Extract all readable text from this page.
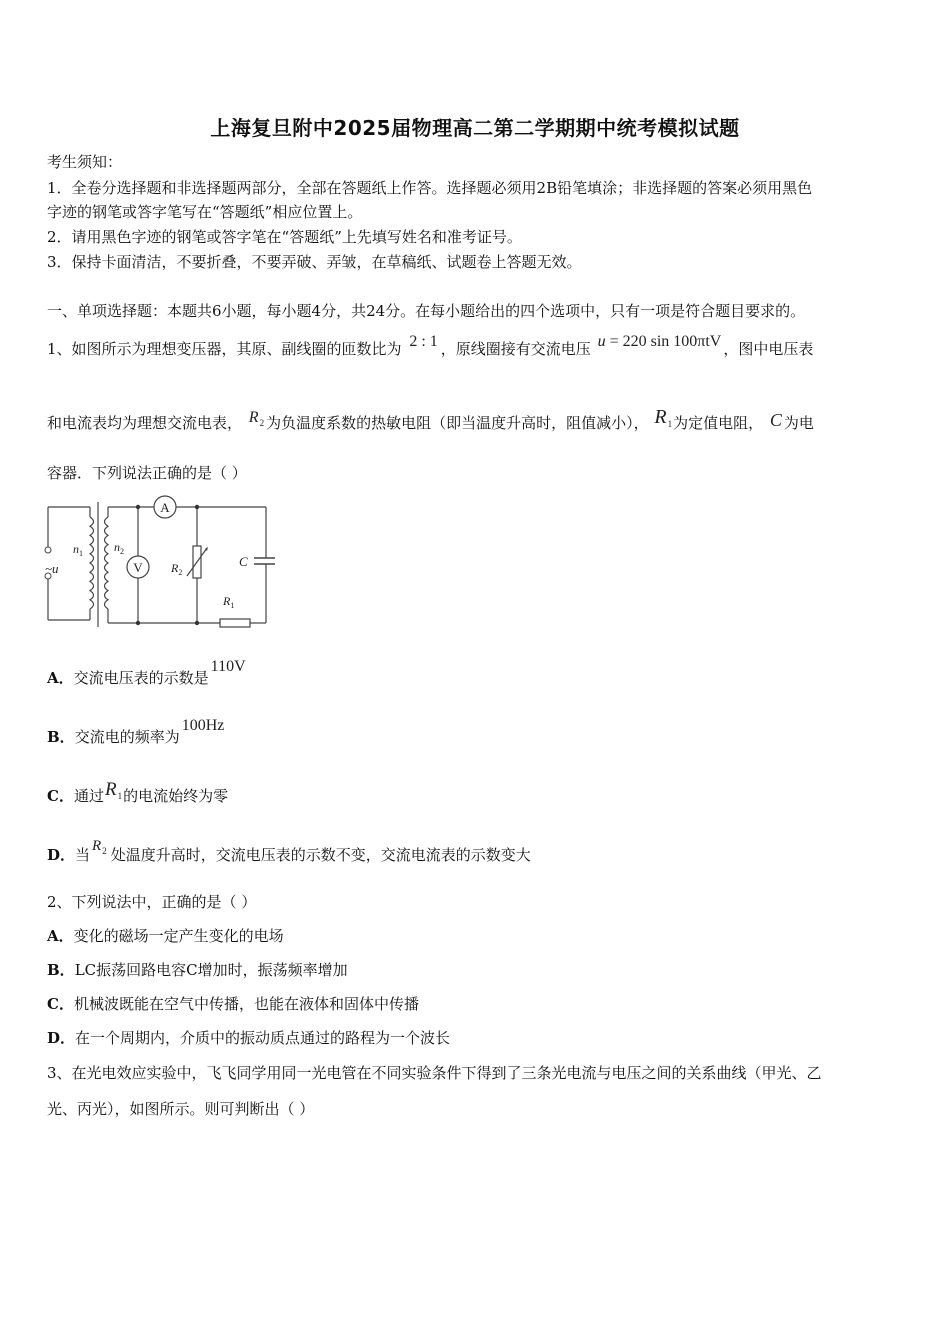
上海复旦附中2025届物理高二第二学期期中统考模拟试题
考生须知：
1．全卷分选择题和非选择题两部分，全部在答题纸上作答。选择题必须用2B铅笔填涂；非选择题的答案必须用黑色
字迹的钢笔或答字笔写在“答题纸”相应位置上。
2．请用黑色字迹的钢笔或答字笔在“答题纸”上先填写姓名和准考证号。
3．保持卡面清洁，不要折叠，不要弄破、弄皱，在草稿纸、试题卷上答题无效。
一、单项选择题：本题共6小题，每小题4分，共24分。在每小题给出的四个选项中，只有一项是符合题目要求的。
1、如图所示为理想变压器，其原、副线圈的匝数比为 2 : 1 ，原线圈接有交流电压 u = 220 sin 100πtV ，图中电压表
和电流表均为理想交流电表， $R_2$ 为负温度系数的热敏电阻（即当温度升高时，阻值减小）， $R_1$为定值电阻， C 为电
容器．下列说法正确的是（ ）
A
V
$n_1$	$n_2$
~u	$R_2$
C
$R_1$
A．交流电压表的示数是110V
B．交流电的频率为100Hz
C．通过$R_1$的电流始终为零
D．当 $R_2$ 处温度升高时，交流电压表的示数不变，交流电流表的示数变大
2、下列说法中，正确的是（ ）
A．变化的磁场一定产生变化的电场
B．LC振荡回路电容C增加时，振荡频率增加
C．机械波既能在空气中传播，也能在液体和固体中传播
D．在一个周期内，介质中的振动质点通过的路程为一个波长
3、在光电效应实验中，飞飞同学用同一光电管在不同实验条件下得到了三条光电流与电压之间的关系曲线（甲光、乙
光、丙光），如图所示。则可判断出（ ）
